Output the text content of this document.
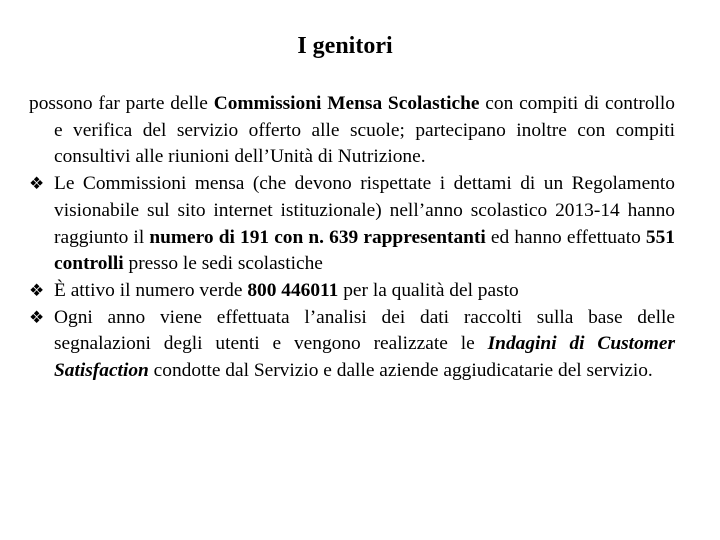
I genitori

possono far parte delle Commissioni Mensa Scolastiche con compiti di controllo e verifica del servizio offerto alle scuole; partecipano inoltre con compiti consultivi alle riunioni dell’Unità di Nutrizione.

❖ Le Commissioni mensa (che devono rispettate i dettami di un Regolamento visionabile sul sito internet istituzionale) nell’anno scolastico 2013-14 hanno raggiunto il numero di 191 con n. 639 rappresentanti ed hanno effettuato 551 controlli presso le sedi scolastiche

❖ È attivo il numero verde 800 446011 per la qualità del pasto

❖ Ogni anno viene effettuata l’analisi dei dati raccolti sulla base delle segnalazioni degli utenti e vengono realizzate le Indagini di Customer Satisfaction condotte dal Servizio e dalle aziende aggiudicatarie del servizio.
